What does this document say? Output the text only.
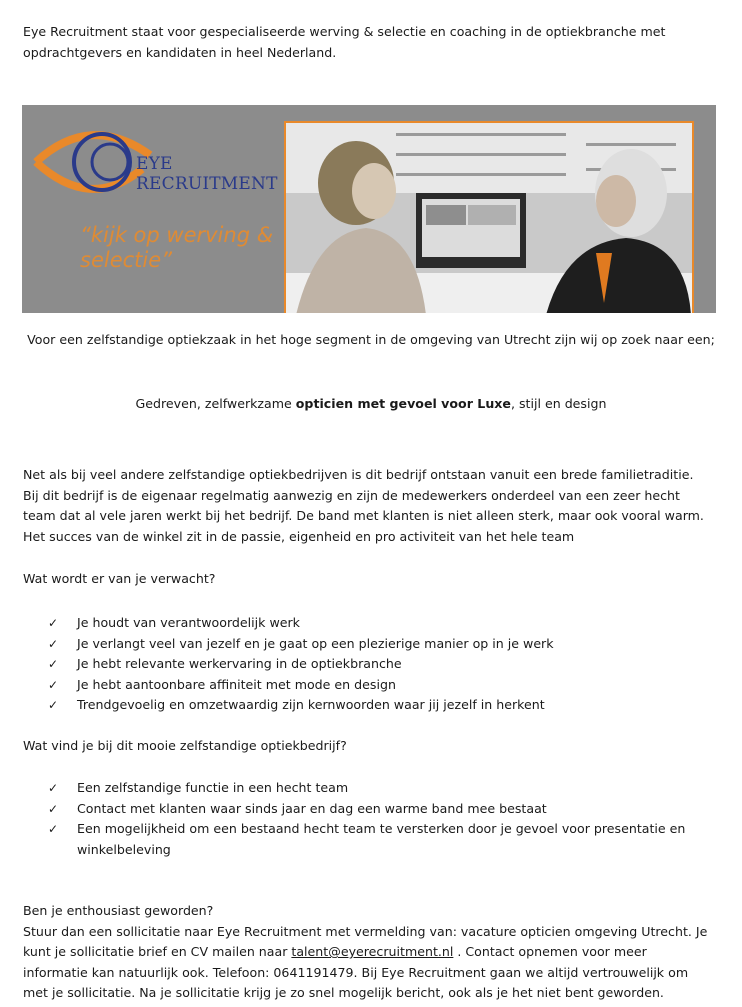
Eye Recruitment staat voor gespecialiseerde werving & selectie en coaching in de optiekbranche met opdrachtgevers en kandidaten in heel Nederland.
EYE RECRUITMENT
“kijk op werving & selectie”
Voor een zelfstandige optiekzaak in het hoge segment in de omgeving van Utrecht zijn wij op zoek naar een;
Gedreven, zelfwerkzame opticien met gevoel voor Luxe, stijl en design
Net als bij veel andere zelfstandige optiekbedrijven is dit bedrijf ontstaan vanuit een brede familietraditie. Bij dit bedrijf is de eigenaar regelmatig aanwezig en zijn de medewerkers onderdeel van een zeer hecht team dat al vele jaren werkt bij het bedrijf. De band met klanten is niet alleen sterk, maar ook vooral warm. Het succes van de winkel zit in de passie, eigenheid en pro activiteit van het hele team
Wat wordt er van je verwacht?
✓ Je houdt van verantwoordelijk werk
✓ Je verlangt veel van jezelf en je gaat op een plezierige manier op in je werk
✓ Je hebt relevante werkervaring in de optiekbranche
✓ Je hebt aantoonbare affiniteit met mode en design
✓ Trendgevoelig en omzetwaardig zijn kernwoorden waar jij jezelf in herkent
Wat vind je bij dit mooie zelfstandige optiekbedrijf?
✓ Een zelfstandige functie in een hecht team
✓ Contact met klanten waar sinds jaar en dag een warme band mee bestaat
✓ Een mogelijkheid om een bestaand hecht team te versterken door je gevoel voor presentatie en winkelbeleving
Ben je enthousiast geworden?
Stuur dan een sollicitatie naar Eye Recruitment met vermelding van: vacature opticien omgeving Utrecht. Je kunt je sollicitatie brief en CV mailen naar talent@eyerecruitment.nl . Contact opnemen voor meer informatie kan natuurlijk ook. Telefoon: 0641191479. Bij Eye Recruitment gaan we altijd vertrouwelijk om met je sollicitatie. Na je sollicitatie krijg je zo snel mogelijk bericht, ook als je het niet bent geworden.
